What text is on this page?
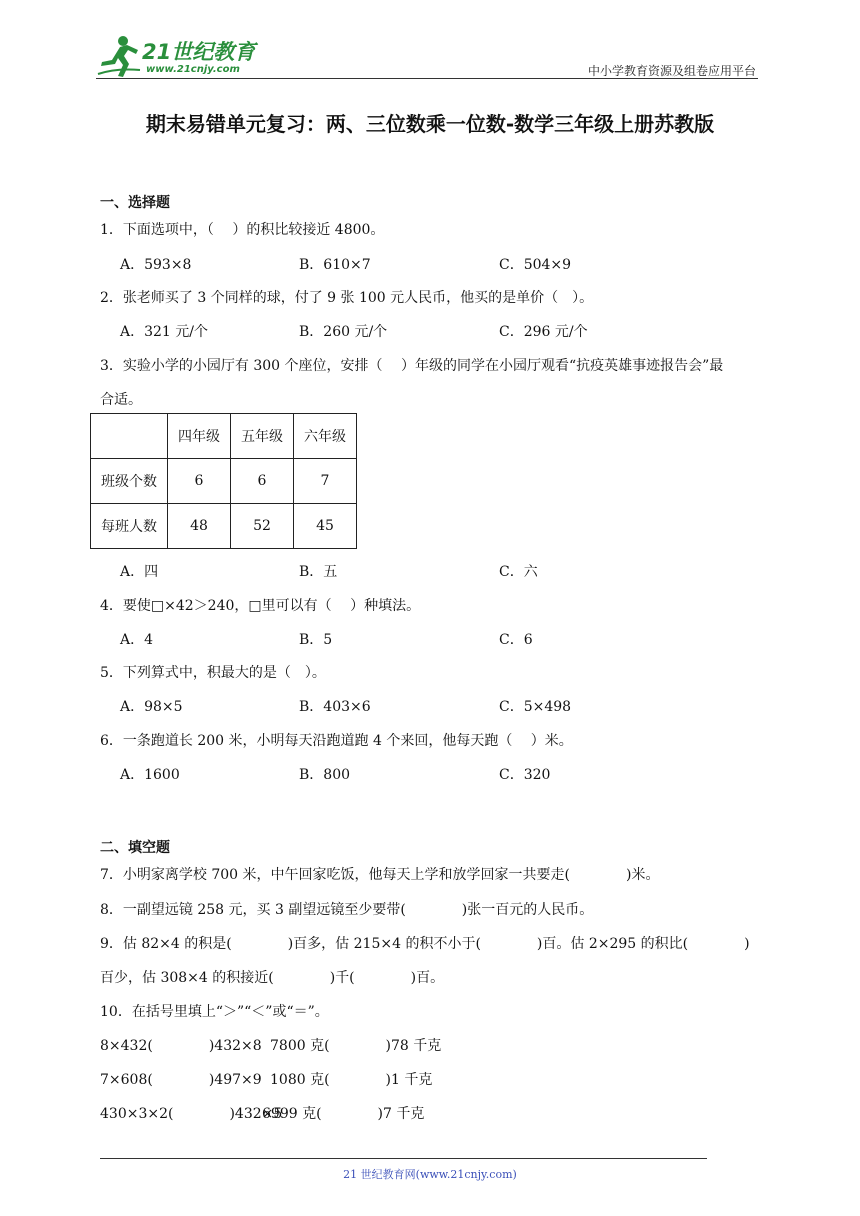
21世纪教育
www.21cnjy.com	中小学教育资源及组卷应用平台
期末易错单元复习：两、三位数乘一位数-数学三年级上册苏教版
一、选择题
1．下面选项中，（　 ）的积比较接近 4800。
A．593×8	B．610×7	C．504×9
2．张老师买了 3 个同样的球，付了 9 张 100 元人民币，他买的是单价（　）。
A．321 元/个	B．260 元/个	C．296 元/个
3．实验小学的小园厅有 300 个座位，安排（　 ）年级的同学在小园厅观看“抗疫英雄事迹报告会”最
合适。
	四年级	五年级	六年级
班级个数	6	6	7
每班人数	48	52	45
A．四	B．五	C．六
4．要使□×42＞240，□里可以有（　 ）种填法。
A．4	B．5	C．6
5．下列算式中，积最大的是（　）。
A．98×5	B．403×6	C．5×498
6．一条跑道长 200 米，小明每天沿跑道跑 4 个来回，他每天跑（　 ）米。
A．1600	B．800	C．320
二、填空题
7．小明家离学校 700 米，中午回家吃饭，他每天上学和放学回家一共要走(　　　　)米。
8．一副望远镜 258 元，买 3 副望远镜至少要带(　　　　)张一百元的人民币。
9．估 82×4 的积是(　　　　)百多，估 215×4 的积不小于(　　　　)百。估 2×295 的积比(　　　　)
百少，估 308×4 的积接近(　　　　)千(　　　　)百。
10．在括号里填上“＞”“＜”或“＝”。
8×432(　　　　)432×8 7800 克(　　　　)78 千克
7×608(　　　　)497×9 1080 克(　　　　)1 千克
430×3×2(　　　　)432×5
6999 克(　　　　)7 千克
21 世纪教育网(www.21cnjy.com)
